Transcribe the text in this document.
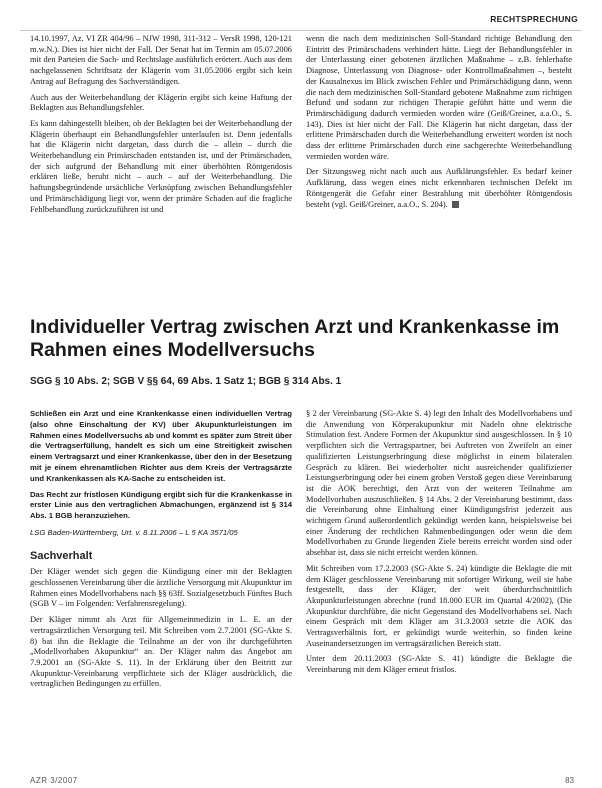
RECHTSPRECHUNG

14.10.1997, Az. VI ZR 404/96 – NJW 1998, 311-312 – VersR 1998, 120-121 m.w.N.). Dies ist hier nicht der Fall. Der Senat hat im Termin am 05.07.2006 mit den Parteien die Sach- und Rechtslage ausführlich erörtert. Auch aus dem nachgelassenen Schriftsatz der Klägerin vom 31.05.2006 ergibt sich kein Antrag auf Befragung des Sachverständigen.

Auch aus der Weiterbehandlung der Klägerin ergibt sich keine Haftung der Beklagten aus Behandlungsfehler.

Es kann dahingestellt bleiben, ob der Beklagten bei der Weiterbehandlung der Klägerin überhaupt ein Behandlungsfehler unterlaufen ist. Denn jedenfalls hat die Klägerin nicht dargetan, dass durch die – allein – durch die Weiterbehandlung ein Primärschaden entstanden ist, und der Primärschaden, der sich aufgrund der Behandlung mit einer überhöhten Röntgendosis erklären ließe, beruht nicht – auch – auf der Weiterbehandlung. Die haftungsbegründende ursächliche Verknüpfung zwischen Behandlungsfehler und Primärschädigung liegt vor, wenn der primäre Schaden auf die fragliche Fehlbehandlung zurückzuführen ist und

wenn die nach dem medizinischen Soll-Standard richtige Behandlung den Eintritt des Primärschadens verhindert hätte. Liegt der Behandlungsfehler in der Unterlassung einer gebotenen ärztlichen Maßnahme – z.B. fehlerhafte Diagnose, Unterlassung von Diagnose- oder Kontrollmaßnahmen –, besteht der Kausalnexus im Blick zwischen Fehler und Primärschädigung dann, wenn die nach dem medizinischen Soll-Standard gebotene Maßnahme zum richtigen Befund und sodann zur richtigen Therapie geführt hätte und wenn die Primärschädigung dadurch vermieden worden wäre (Geiß/Greiner, a.a.O., S. 143). Dies ist hier nicht der Fall. Die Klägerin hat nicht dargetan, dass der erlittene Primärschaden durch die Weiterbehandlung erweitert worden ist noch dass der erlittene Primärschaden durch eine sachgerechte Weiterbehandlung vermieden worden wäre.

Der Sitzungsweg nicht nach auch aus Aufklärungsfehler. Es bedarf keiner Aufklärung, dass wegen eines nicht erkennbaren technischen Defekt im Röntgengerät die Gefahr einer Bestrahlung mit überhöhter Röntgendosis besteht (vgl. Geiß/Greiner, a.a.O., S. 204).

Individueller Vertrag zwischen Arzt und Krankenkasse im Rahmen eines Modellversuchs
SGG § 10 Abs. 2; SGB V §§ 64, 69 Abs. 1 Satz 1; BGB § 314 Abs. 1

Schließen ein Arzt und eine Krankenkasse einen individuellen Vertrag (also ohne Einschaltung der KV) über Akupunkturleistungen im Rahmen eines Modellversuchs ab und kommt es später zum Streit über die Vertragserfüllung, handelt es sich um eine Streitigkeit zwischen einem Vertragsarzt und einer Krankenkasse, über den in der Besetzung mit je einem ehrenamtlichen Richter aus dem Kreis der Vertragsärzte und Krankenkassen als KA-Sache zu entscheiden ist.

Das Recht zur fristlosen Kündigung ergibt sich für die Krankenkasse in erster Linie aus den vertraglichen Abmachungen, ergänzend ist § 314 Abs. 1 BGB heranzuziehen.

LSG Baden-Württemberg, Urt. v. 8.11.2006 – L 5 KA 3571/05

Sachverhalt

Der Kläger wendet sich gegen die Kündigung einer mit der Beklagten geschlossenen Vereinbarung über die ärztliche Versorgung mit Akupunktur im Rahmen eines Modellvorhabens nach §§ 63ff. Sozialgesetzbuch Fünftes Buch (SGB V – im Folgenden: Verfahrensregelung).

Der Kläger nimmt als Arzt für Allgemeinmedizin in L. E. an der vertragsärztlichen Versorgung teil. Mit Schreiben vom 2.7.2001 (SG-Akte S. 8) bat ihn die Beklagte die Teilnahme an der von ihr durchgeführten „Modellvorhaben Akupunktur“ an. Der Kläger nahm das Angebot am 7.9.2001 an (SG-Akte S. 11). In der Erklärung über den Beitritt zur Akupunktur-Vereinbarung verpflichtete sich der Kläger ausdrücklich, die vertraglichen Bedingungen zu erfüllen.

§ 2 der Vereinbarung (SG-Akte S. 4) legt den Inhalt des Modellvorhabens und die Anwendung von Körperakupunktur mit Nadeln ohne elektrische Stimulation fest. Andere Formen der Akupunktur sind ausgeschlossen. In § 10 verpflichten sich die Vertragspartner, bei Auftreten von Zweifeln an einer qualifizierten Leistungserbringung diese möglichst in einem bilateralen Gespräch zu klären. Bei wiederholter nicht ausreichender qualifizierter Leistungserbringung oder bei einem groben Verstoß gegen diese Vereinbarung ist die AOK berechtigt, den Arzt von der weiteren Teilnahme am Modellvorhaben auszuschließen. § 14 Abs. 2 der Vereinbarung bestimmt, dass die Vereinbarung ohne Einhaltung einer Kündigungsfrist jederzeit aus wichtigem Grund außerordentlich gekündigt werden kann, beispielsweise bei einer Änderung der rechtlichen Rahmenbedingungen oder wenn die dem Modellvorhaben zu Grunde liegenden Ziele bereits erreicht worden sind oder absehbar ist, dass sie nicht erreicht werden können.

Mit Schreiben vom 17.2.2003 (SG-Akte S. 24) kündigte die Beklagte die mit dem Kläger geschlossene Vereinbarung mit sofortiger Wirkung, weil sie habe festgestellt, dass der Kläger, der weit überdurchschnittlich Akupunkturleistungen abrechne (rund 18.000 EUR im Quartal 4/2002), (Die Akupunktur durchführe, die nicht Gegenstand des Modellvorhabens sei. Nach einem Gespräch mit dem Kläger am 31.3.2003 setzte die AOK das Vertragsverhältnis fort, er gekündigt wurde weiterhin, so finden keine Auseinandersetzungen im vertragsärztlichen Bereich statt.

Unter dem 20.11.2003 (SG-Akte S. 41) kündigte die Beklagte die Vereinbarung mit dem Kläger erneut fristlos.

AZR 3/2007	83
